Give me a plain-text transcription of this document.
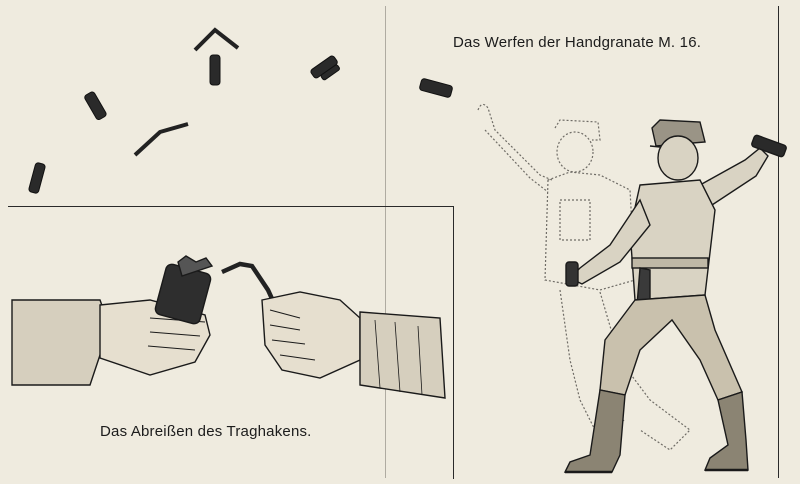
Das Werfen der Handgranate M. 16.
Das Abreißen des Traghakens.
